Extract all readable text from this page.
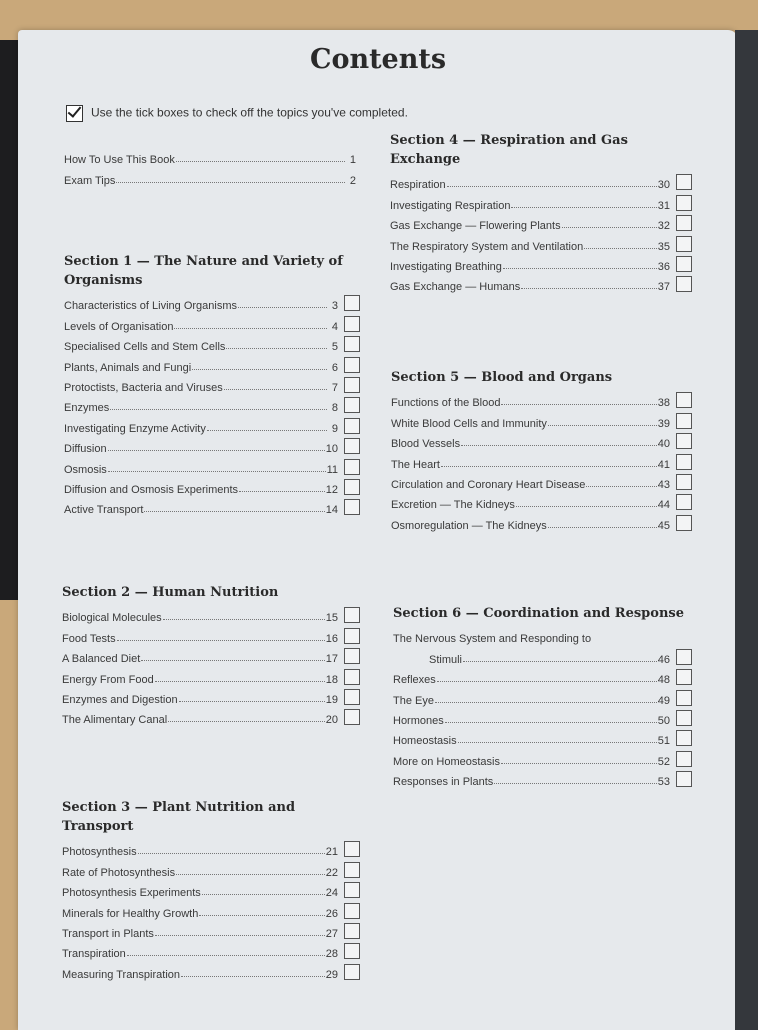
Contents
Use the tick boxes to check off the topics you've completed.
How To Use This Book	1
Exam Tips	2
Section 1 — The Nature and Variety of Organisms
Characteristics of Living Organisms	3
Levels of Organisation	4
Specialised Cells and Stem Cells	5
Plants, Animals and Fungi	6
Protoctists, Bacteria and Viruses	7
Enzymes	8
Investigating Enzyme Activity	9
Diffusion	10
Osmosis	11
Diffusion and Osmosis Experiments	12
Active Transport	14
Section 2 — Human Nutrition
Biological Molecules	15
Food Tests	16
A Balanced Diet	17
Energy From Food	18
Enzymes and Digestion	19
The Alimentary Canal	20
Section 3 — Plant Nutrition and Transport
Photosynthesis	21
Rate of Photosynthesis	22
Photosynthesis Experiments	24
Minerals for Healthy Growth	26
Transport in Plants	27
Transpiration	28
Measuring Transpiration	29
Section 4 — Respiration and Gas Exchange
Respiration	30
Investigating Respiration	31
Gas Exchange — Flowering Plants	32
The Respiratory System and Ventilation	35
Investigating Breathing	36
Gas Exchange — Humans	37
Section 5 — Blood and Organs
Functions of the Blood	38
White Blood Cells and Immunity	39
Blood Vessels	40
The Heart	41
Circulation and Coronary Heart Disease	43
Excretion — The Kidneys	44
Osmoregulation — The Kidneys	45
Section 6 — Coordination and Response
The Nervous System and Responding to
Stimuli	46
Reflexes	48
The Eye	49
Hormones	50
Homeostasis	51
More on Homeostasis	52
Responses in Plants	53
